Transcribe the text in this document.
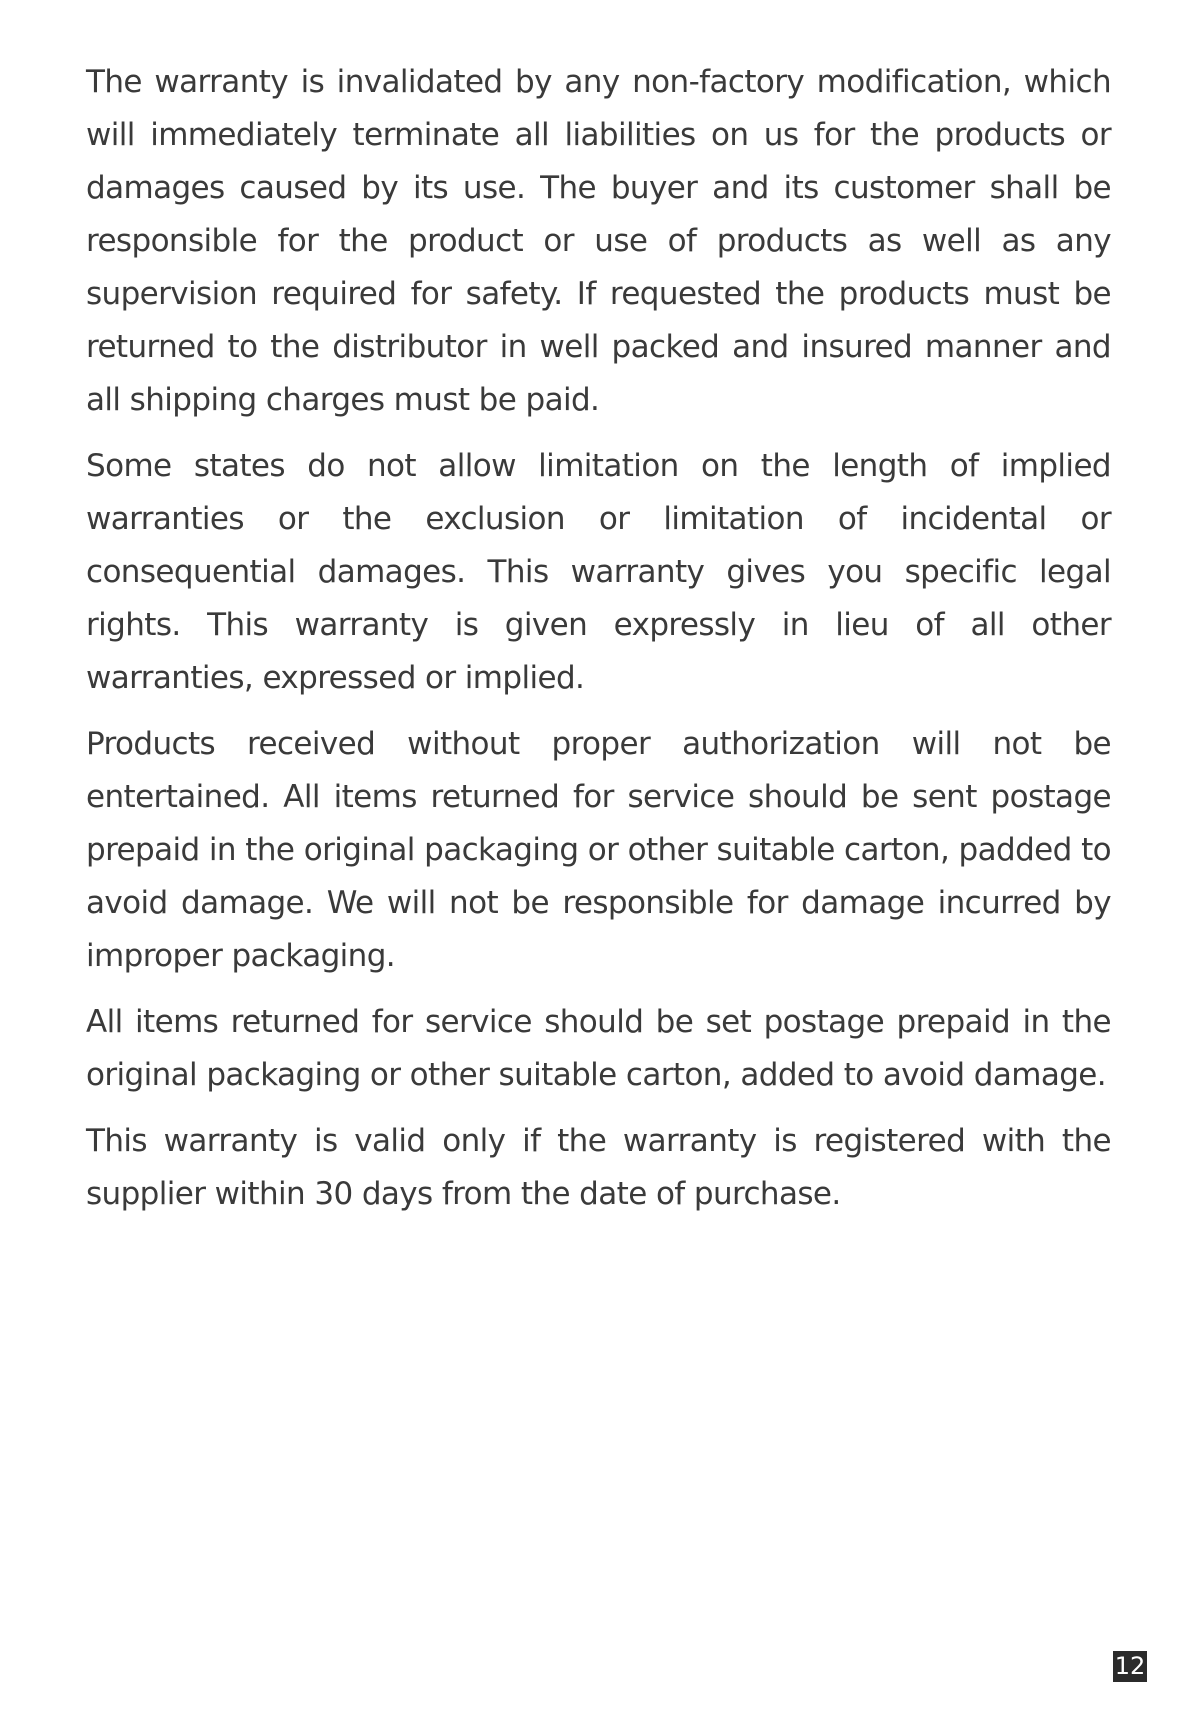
The warranty is invalidated by any non-factory modification, which will immediately terminate all liabilities on us for the products or damages caused by its use. The buyer and its customer shall be responsible for the product or use of products as well as any supervision required for safety. If requested the products must be returned to the distributor in well packed and insured manner and all shipping charges must be paid.

Some states do not allow limitation on the length of implied warranties or the exclusion or limitation of incidental or consequential damages. This warranty gives you specific legal rights. This warranty is given expressly in lieu of all other warranties, expressed or implied.

Products received without proper authorization will not be entertained. All items returned for service should be sent postage prepaid in the original packaging or other suitable carton, padded to avoid damage. We will not be responsible for damage incurred by improper packaging.

All items returned for service should be set postage prepaid in the original packaging or other suitable carton, added to avoid damage.

This warranty is valid only if the warranty is registered with the supplier within 30 days from the date of purchase.

12
